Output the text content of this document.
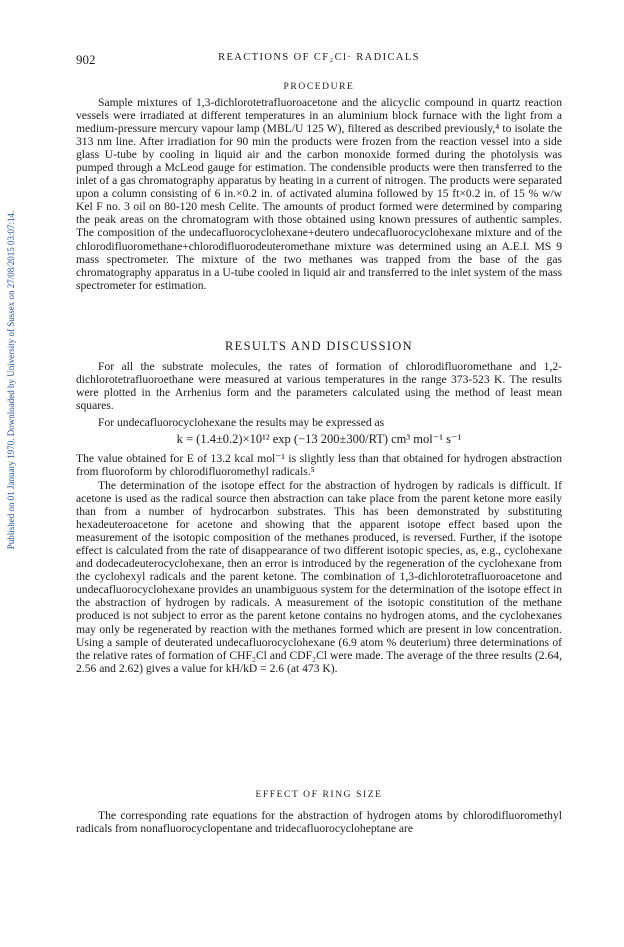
Published on 01 January 1970. Downloaded by University of Sussex on 27/08/2015 03:07:14.
902	REACTIONS OF CF₂Cl· RADICALS
PROCEDURE

Sample mixtures of 1,3-dichlorotetrafluoroacetone and the alicyclic compound in quartz reaction vessels were irradiated at different temperatures in an aluminium block furnace with the light from a medium-pressure mercury vapour lamp (MBL/U 125 W), filtered as described previously,⁴ to isolate the 313 nm line. After irradiation for 90 min the products were frozen from the reaction vessel into a side glass U-tube by cooling in liquid air and the carbon monoxide formed during the photolysis was pumped through a McLeod gauge for estimation. The condensible products were then transferred to the inlet of a gas chromatography apparatus by heating in a current of nitrogen. The products were separated upon a column consisting of 6 in.×0.2 in. of activated alumina followed by 15 ft×0.2 in. of 15 % w/w Kel F no. 3 oil on 80-120 mesh Celite. The amounts of product formed were determined by comparing the peak areas on the chromatogram with those obtained using known pressures of authentic samples. The composition of the undecafluorocyclohexane+deutero undecafluorocyclohexane mixture and of the chlorodifluoromethane+chlorodifluorodeuteromethane mixture was determined using an A.E.I. MS 9 mass spectrometer. The mixture of the two methanes was trapped from the base of the gas chromatography apparatus in a U-tube cooled in liquid air and transferred to the inlet system of the mass spectrometer for estimation.

RESULTS AND DISCUSSION

For all the substrate molecules, the rates of formation of chlorodifluoromethane and 1,2-dichlorotetrafluoroethane were measured at various temperatures in the range 373-523 K. The results were plotted in the Arrhenius form and the parameters calculated using the method of least mean squares.

For undecafluorocyclohexane the results may be expressed as

k = (1.4±0.2)×10¹² exp (−13 200±300/RT) cm³ mol⁻¹ s⁻¹

The value obtained for E of 13.2 kcal mol⁻¹ is slightly less than that obtained for hydrogen abstraction from fluoroform by chlorodifluoromethyl radicals.⁵

The determination of the isotope effect for the abstraction of hydrogen by radicals is difficult. If acetone is used as the radical source then abstraction can take place from the parent ketone more easily than from a number of hydrocarbon substrates. This has been demonstrated by substituting hexadeuteroacetone for acetone and showing that the apparent isotope effect based upon the measurement of the isotopic composition of the methanes produced, is reversed. Further, if the isotope effect is calculated from the rate of disappearance of two different isotopic species, as, e.g., cyclohexane and dodecadeuterocyclohexane, then an error is introduced by the regeneration of the cyclohexane from the cyclohexyl radicals and the parent ketone. The combination of 1,3-dichlorotetrafluoroacetone and undecafluorocyclohexane provides an unambiguous system for the determination of the isotope effect in the abstraction of hydrogen by radicals. A measurement of the isotopic constitution of the methane produced is not subject to error as the parent ketone contains no hydrogen atoms, and the cyclohexanes may only be regenerated by reaction with the methanes formed which are present in low concentration. Using a sample of deuterated undecafluorocyclohexane (6.9 atom % deuterium) three determinations of the relative rates of formation of CHF₂Cl and CDF₂Cl were made. The average of the three results (2.64, 2.56 and 2.62) gives a value for kH/kD = 2.6 (at 473 K).

EFFECT OF RING SIZE

The corresponding rate equations for the abstraction of hydrogen atoms by chlorodifluoromethyl radicals from nonafluorocyclopentane and tridecafluorocycloheptane are
